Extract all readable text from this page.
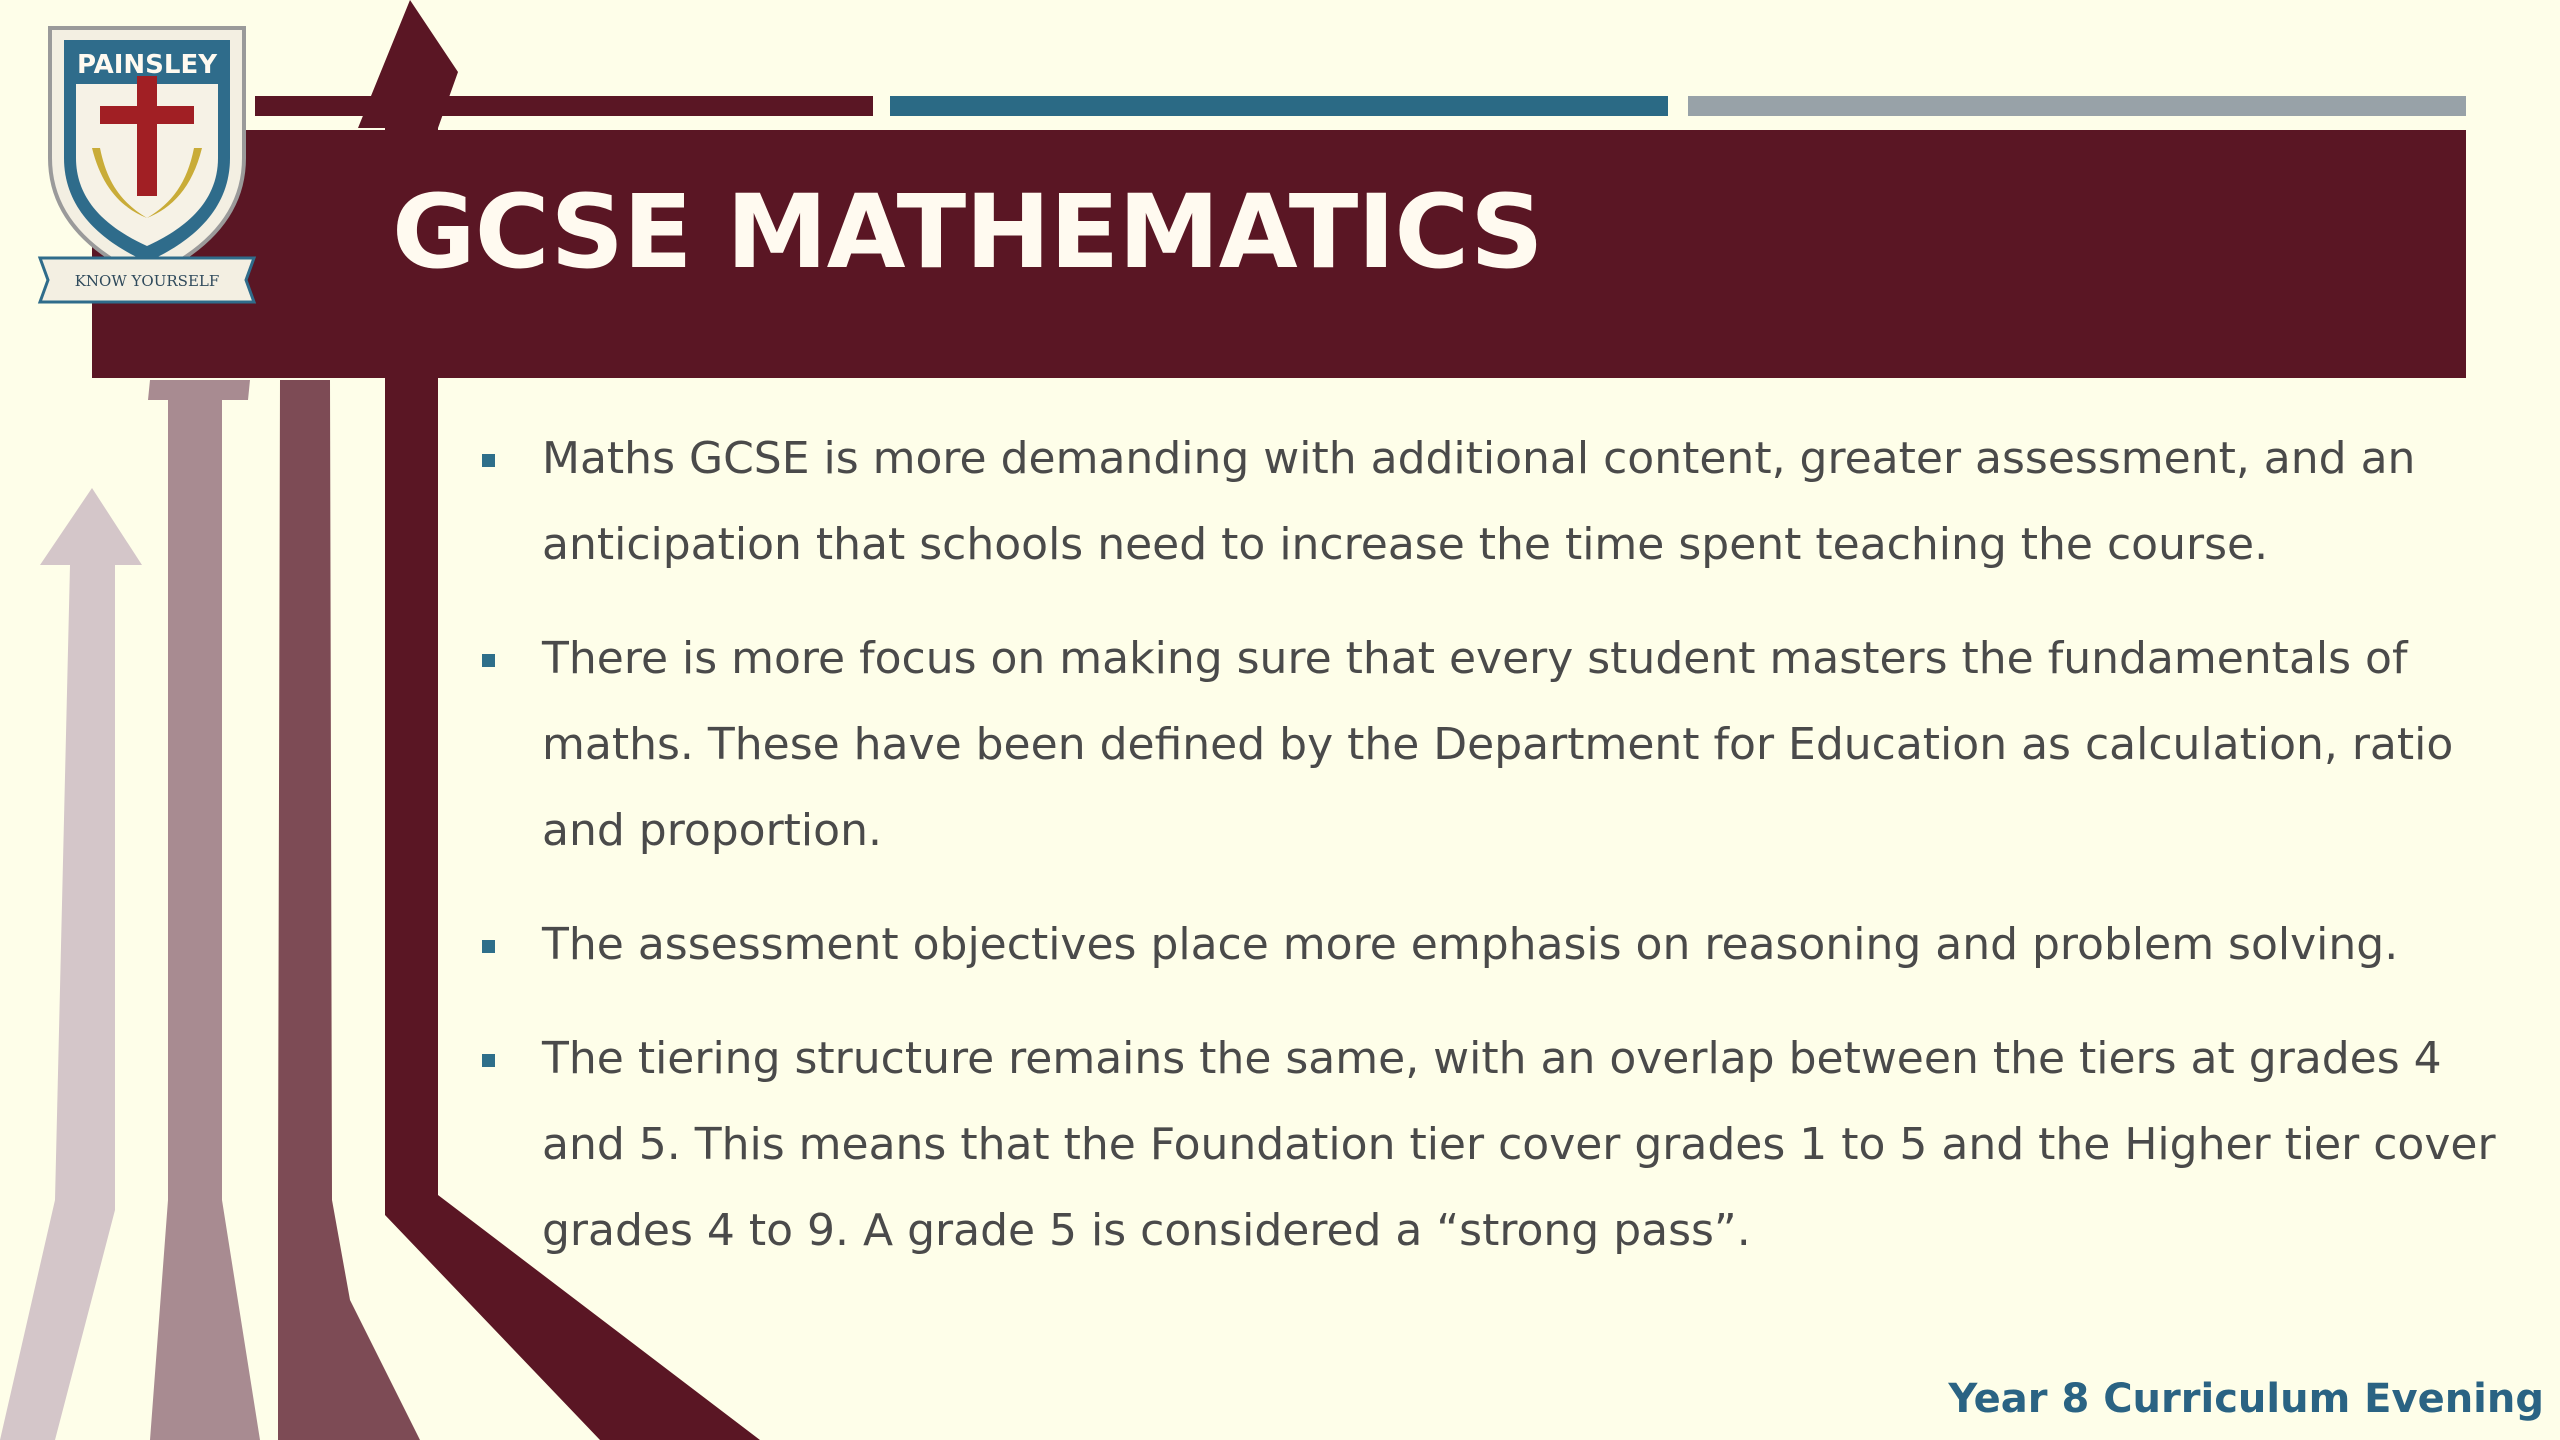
PAINSLEY
KNOW YOURSELF GCSE MATHEMATICS
Maths GCSE is more demanding with additional content, greater assessment, and an anticipation that schools need to increase the time spent teaching the course.
There is more focus on making sure that every student masters the fundamentals of maths. These have been defined by the Department for Education as calculation, ratio and proportion.
The assessment objectives place more emphasis on reasoning and problem solving.
The tiering structure remains the same, with an overlap between the tiers at grades 4 and 5. This means that the Foundation tier cover grades 1 to 5 and the Higher tier cover grades 4 to 9. A grade 5 is considered a “strong pass”.
Year 8 Curriculum Evening
